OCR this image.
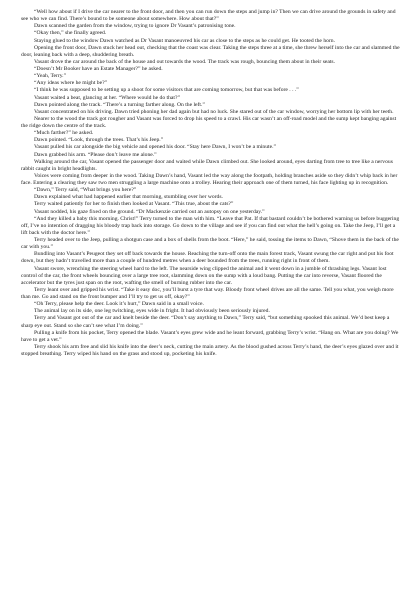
“Well how about if I drive the car nearer to the front door, and then you can run down the steps and jump in? Then we can drive around the grounds in safety and see who we can find. There’s bound to be someone about somewhere. How about that?”

Dawn scanned the garden from the window, trying to ignore Dr Vasant’s patronising tone.

“Okay then,” she finally agreed.

Staying glued to the window Dawn watched as Dr Vasant manoeuvred his car as close to the steps as he could get. He tooted the horn.

Opening the front door, Dawn stuck her head out, checking that the coast was clear. Taking the steps three at a time, she threw herself into the car and slammed the door, leaning back with a deep, shuddering breath.

Vasant drove the car around the back of the house and out towards the wood. The track was rough, bouncing them about in their seats.

“Doesn’t Mr Booker have an Estate Manager?” he asked.

“Yeah, Terry.”

“Any ideas where he might be?”

“I think he was supposed to be setting up a shoot for some visitors that are coming tomorrow, but that was before . . .”

Vasant waited a beat, glancing at her. “Where would he do that?”

Dawn pointed along the track. “There’s a turning farther along. On the left.”

Vasant concentrated on his driving. Dawn tried phoning her dad again but had no luck. She stared out of the car window, worrying her bottom lip with her teeth.

Nearer to the wood the track got rougher and Vasant was forced to drop his speed to a crawl. His car wasn’t an off-road model and the sump kept banging against the ridge down the centre of the track.

“Much farther?” he asked.

Dawn pointed. “Look, through the trees. That’s his Jeep.”

Vasant pulled his car alongside the big vehicle and opened his door. “Stay here Dawn, I won’t be a minute.”

Dawn grabbed his arm. “Please don’t leave me alone.”

Walking around the car, Vasant opened the passenger door and waited while Dawn climbed out. She looked around, eyes darting from tree to tree like a nervous rabbit caught in bright headlights.

Voices were coming from deeper in the wood. Taking Dawn’s hand, Vasant led the way along the footpath, holding branches aside so they didn’t whip back in her face. Entering a clearing they saw two men struggling a large machine onto a trolley. Hearing their approach one of them turned, his face lighting up in recognition.

“Dawn,” Terry said, “What brings you here?”

Dawn explained what had happened earlier that morning, stumbling over her words.

Terry waited patiently for her to finish then looked at Vasant. “This true, about the cats?”

Vasant nodded, his gaze fixed on the ground. “Dr Mackenzie carried out an autopsy on one yesterday.”

“And they killed a baby this morning. Christ!” Terry turned to the man with him. “Leave that Pat. If that bastard couldn’t be bothered warning us before buggering off, I’ve no intention of dragging his bloody trap back into storage. Go down to the village and see if you can find out what the hell’s going on. Take the Jeep, I’ll get a lift back with the doctor here.”

Terry headed over to the Jeep, pulling a shotgun case and a box of shells from the boot. “Here,” he said, tossing the items to Dawn, “Shove them in the back of the car with you.”

Bundling into Vasant’s Peugeot they set off back towards the house. Reaching the turn-off onto the main forest track, Vasant swung the car right and put his foot down, but they hadn’t travelled more than a couple of hundred metres when a deer bounded from the trees, running right in front of them.

Vasant swore, wrenching the steering wheel hard to the left. The nearside wing clipped the animal and it went down in a jumble of thrashing legs. Vasant lost control of the car, the front wheels bouncing over a large tree root, slamming down on the sump with a loud bang. Putting the car into reverse, Vasant floored the accelerator but the tyres just span on the root, wafting the smell of burning rubber into the car.

Terry leant over and gripped his wrist. “Take it easy doc, you’ll burst a tyre that way. Bloody front wheel drives are all the same. Tell you what, you weigh more than me. Go and stand on the front bumper and I’ll try to get us off, okay?”

“Oh Terry, please help the deer. Look it’s hurt,” Dawn said in a small voice.

The animal lay on its side, one leg twitching, eyes wide in fright. It had obviously been seriously injured.

Terry and Vasant got out of the car and knelt beside the deer. “Don’t say anything to Dawn,” Terry said, “but something spooked this animal. We’d best keep a sharp eye out. Stand so she can’t see what I’m doing.”

Pulling a knife from his pocket, Terry opened the blade. Vasant’s eyes grew wide and he leant forward, grabbing Terry’s wrist. “Hang on. What are you doing? We have to get a vet.”

Terry shook his arm free and slid his knife into the deer’s neck, cutting the main artery. As the blood gushed across Terry’s hand, the deer’s eyes glazed over and it stopped breathing. Terry wiped his hand on the grass and stood up, pocketing his knife.
